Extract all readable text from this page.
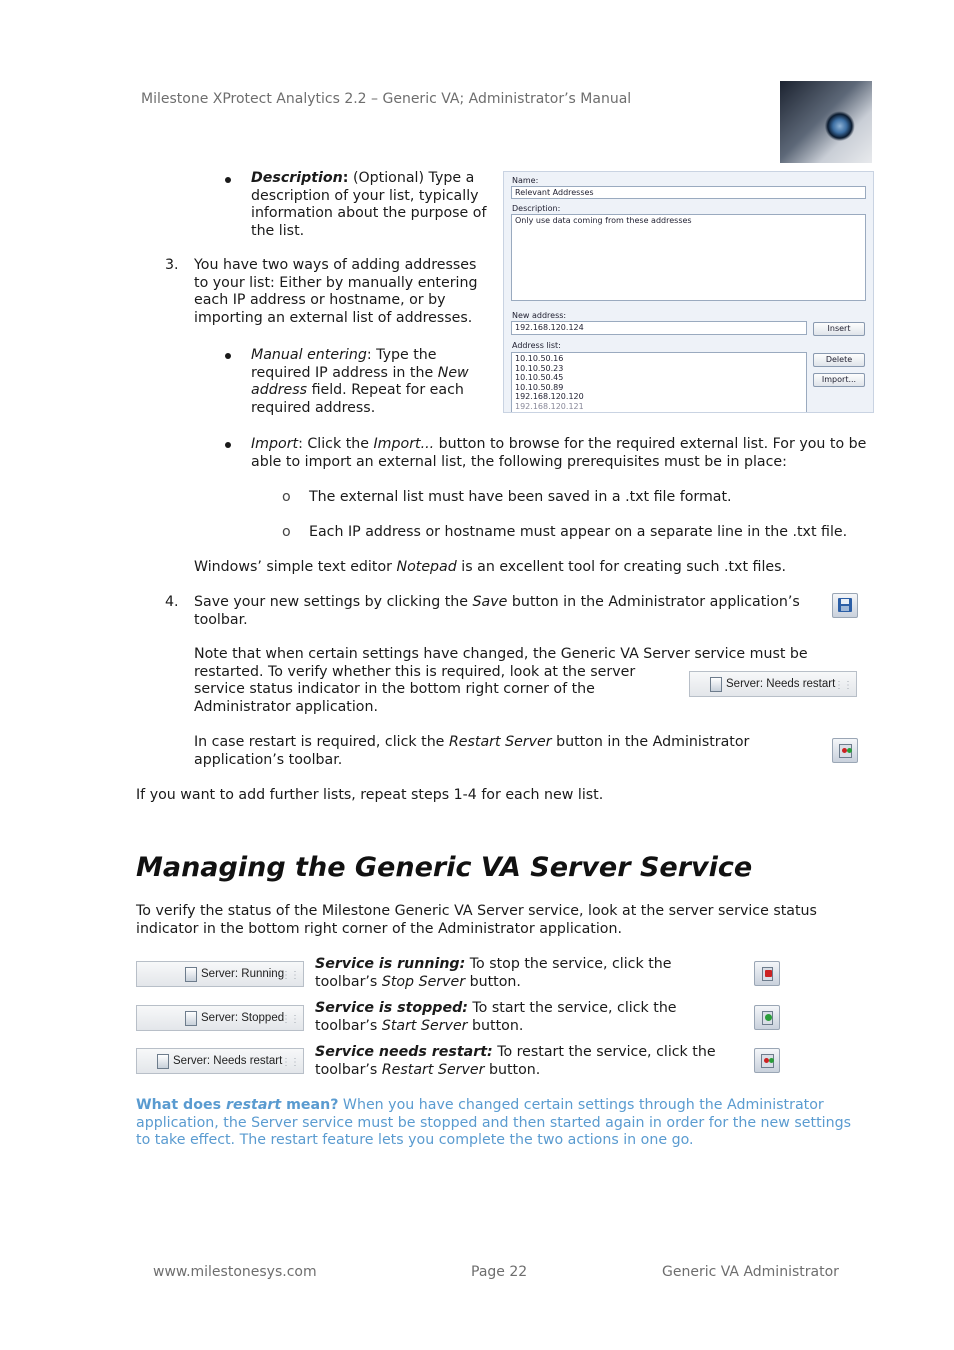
Milestone XProtect Analytics 2.2 – Generic VA; Administrator’s Manual
Description: (Optional) Type a description of your list, typically information about the purpose of the list.
3. You have two ways of adding addresses to your list: Either by manually entering each IP address or hostname, or by importing an external list of addresses.
Manual entering: Type the required IP address in the New address field. Repeat for each required address.
Name:
Relevant Addresses
Description:
Only use data coming from these addresses
New address:
192.168.120.124	Insert
Address list:
10.10.50.16
10.10.50.23
10.10.50.45
10.10.50.89
192.168.120.120
192.168.120.121
Delete
Import...
Import: Click the Import... button to browse for the required external list. For you to be able to import an external list, the following prerequisites must be in place:
o The external list must have been saved in a .txt file format.
o Each IP address or hostname must appear on a separate line in the .txt file.
Windows’ simple text editor Notepad is an excellent tool for creating such .txt files.
4. Save your new settings by clicking the Save button in the Administrator application’s toolbar.
Note that when certain settings have changed, the Generic VA Server service must be
restarted. To verify whether this is required, look at the server service status indicator in the bottom right corner of the Administrator application.
Server: Needs restart
⋮⋮
In case restart is required, click the Restart Server button in the Administrator application’s toolbar.
If you want to add further lists, repeat steps 1-4 for each new list.
Managing the Generic VA Server Service
To verify the status of the Milestone Generic VA Server service, look at the server service status indicator in the bottom right corner of the Administrator application.
Server: Running
⋮⋮
Service is running: To stop the service, click the toolbar’s Stop Server button.
Server: Stopped
⋮⋮
Service is stopped: To start the service, click the toolbar’s Start Server button.
Server: Needs restart
⋮⋮
Service needs restart: To restart the service, click the toolbar’s Restart Server button.
What does restart mean? When you have changed certain settings through the Administrator application, the Server service must be stopped and then started again in order for the new settings to take effect. The restart feature lets you complete the two actions in one go.
www.milestonesys.com	Page 22	Generic VA Administrator
